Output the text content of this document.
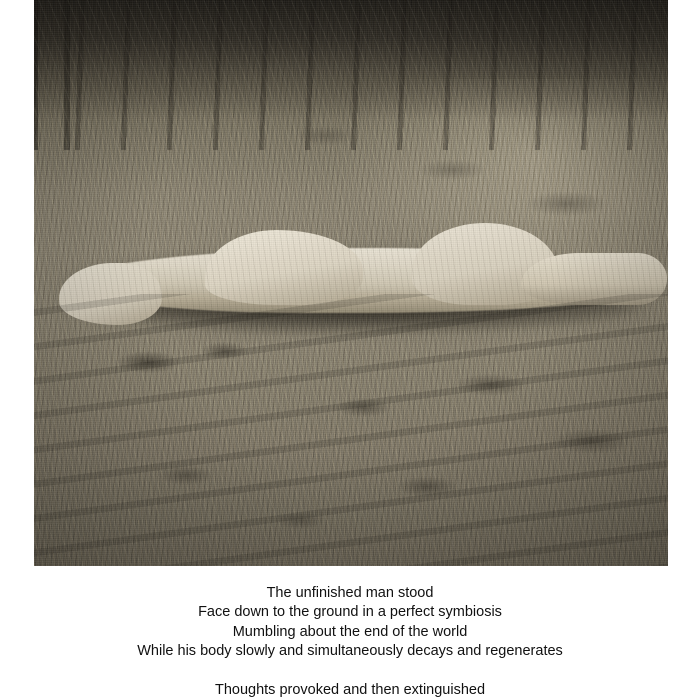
The unfinished man stood
Face down to the ground in a perfect symbiosis
Mumbling about the end of the world
While his body slowly and simultaneously decays and regenerates
Thoughts provoked and then extinguished
